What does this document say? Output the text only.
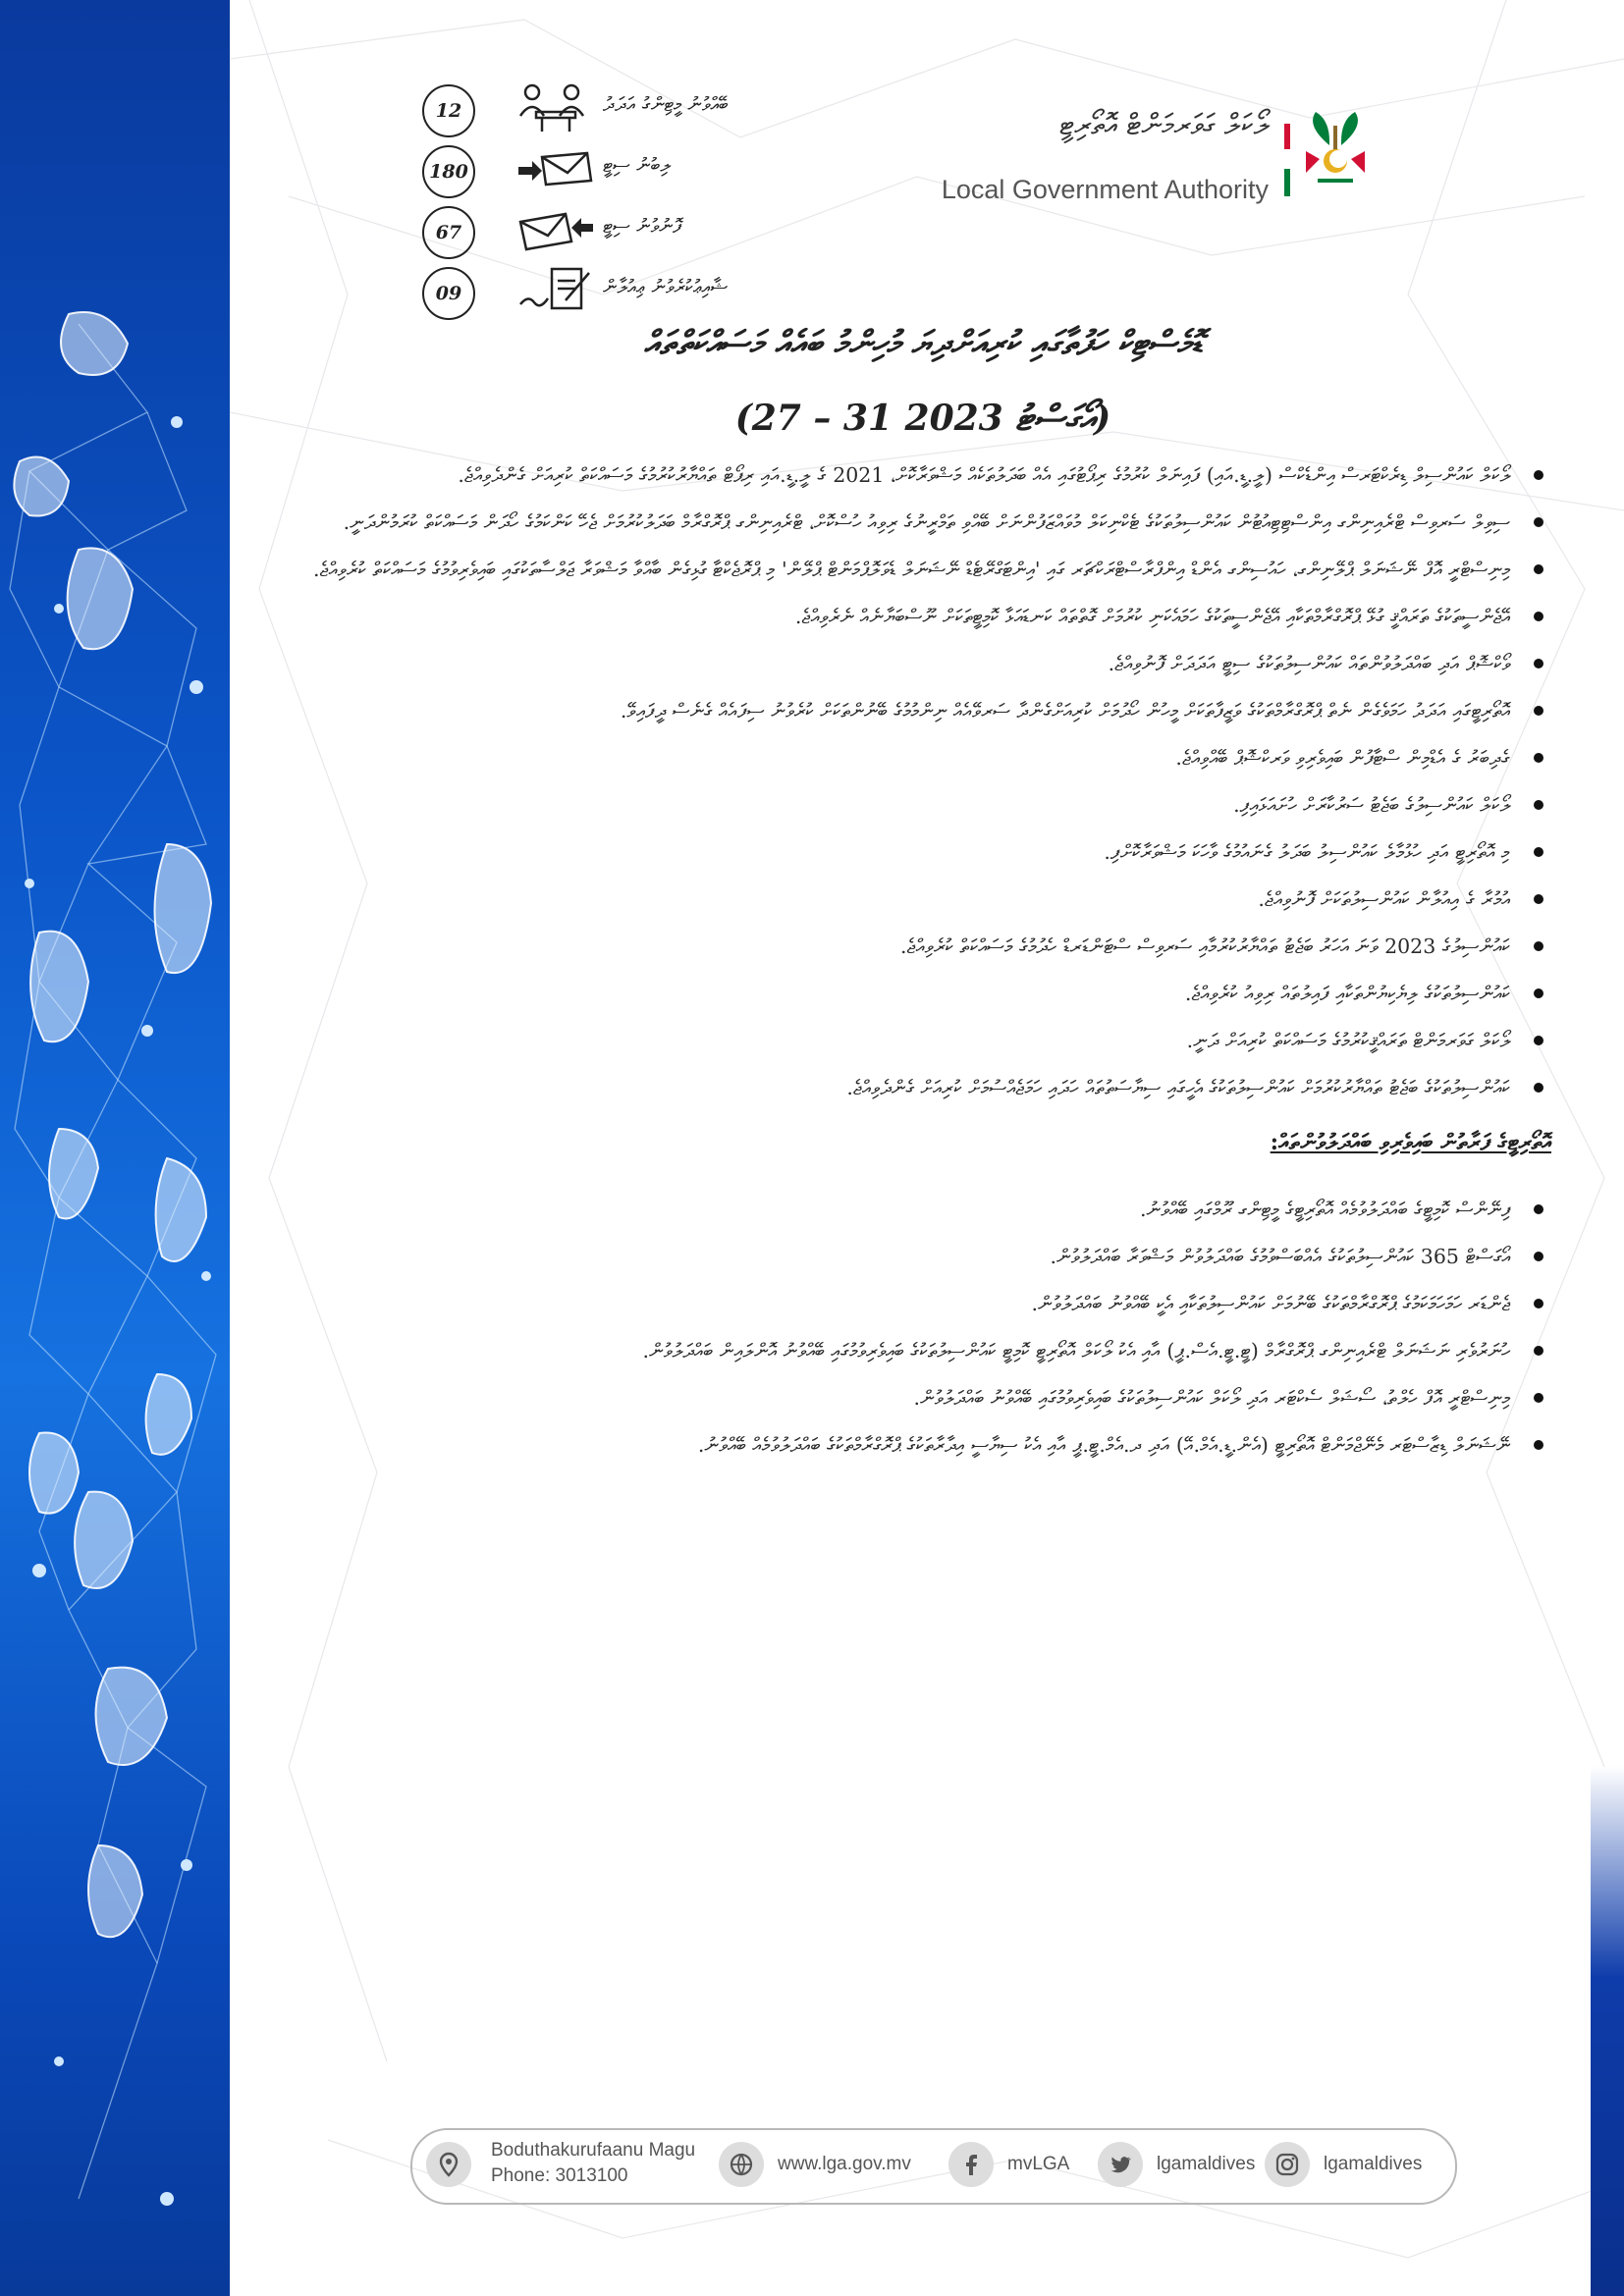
12	ބޭއްވުނު މީޓިންގު އަދަދު
180	ލިބުނު ސިޓީ
67	ފޮނުވުނު ސިޓީ
09	ޝާއިޢުކުރެވުނު ޢިއުލާން
ލޯކަލް ގަވަރމަންޓް އޮތޯރިޓީ
Local Government Authority
ޑޮމެސްޓިކް ހަފުތާގައި ކުރިއަށްދިޔަ މުހިންމު ބައެއް މަސައްކަތްތައް
(27 – 31 އޯގަސްޓު 2023)
ލޯކަލް ކައުންސިލް ޑިރެކްޓަރސް އިންޑެކްސް (ލީ.ޑީ.އައި) ފައިނަލް ކުރުމުގެ ރިޕޯޓުގައި އެއް ބަދަލުތަކެއް މަޝްވަރާކޮށް، 2021 ގެ ލީ.ޑީ.އައި ރިޕޯޓް ތައްޔާރުކުރުމުގެ މަސައްކަތް ކުރިއަށް ގެންދެވިއްޖެ.
ސިވިލް ސަރވިސް ޓްރެއިނިންގ އިންސްޓިޓިއުޓުން ކައުންސިލުތަކުގެ ޓެކްނިކަލް މުވައްޒަފުންނަށް ބޭއްވި ތަމްރީނުގެ ރިވިއު ހުސްކޮށް، ޓްރެއިނިންގ ޕްރޮގްރާމް ބަދަލުކުރުމަށް ޖެހޭ ކަންކަމުގެ ހޯދަން މަސައްކަތް ކުރަމުންދަނީ.
މިނިސްޓްރީ އޮފް ނޭޝަނަލް ޕްލޭނިންގ، ހައުސިންގ އެންޑް އިންފްރާސްޓްރަކްޗަރ ގައި 'އިންޓަގްރޭޓެޑް ނޭޝަނަލް ޑެވަލޮޕްމަންޓް ޕްލޭން' މި ޕްރޮޖެކްޓާ ގުޅިގެން ބާއްވާ މަޝްވަރާ ޖަލްސާތަކުގައި ބައިވެރިވުމުގެ މަސައްކަތް ކުރެވިއްޖެ.
އޭޖެންސީތަކުގެ ތަރައްޤީ ގުޅޭ ޕްރޮގްރާމްތަކާއި އޭޖެންސީތަކުގެ ހަމައެކަނި ކުރުމަށް ގޮތްތައް ކަނޑައަޅާ ކޮމިޓީތަކަށް ނޫސްބަޔާނެއް ނެރެވިއްޖެ.
ވޯކްޝޮޕް އަދި ބައްދަލުވުންތައް ކައުންސިލުތަކުގެ ސިޓީ އަދަދަށް ފޮނުވިއްޖެ.
އޮތޯރިޓީގައި އަދަދު ހަމަވެގެން ނެތް ޕްރޮގްރާމްތަކުގެ ވަޒީފާތަކަށް މީހުން ހޯދުމަށް ކުރިއަށްގެންދާ ސަރވޭއެއް ނިންމުމުގެ ބޭނުންތަކަށް ކުރެވުނު ސިފައެއް ގެނެސް ދީފައިވޭ.
ގެދިބަރު ގެ އެޑްމިން ސްޓާފުން ބައިވެރިވި ވަރކްޝޮޕް ބޭއްވިއްޖެ.
ލޯކަލް ކައުންސިލުގެ ބަޖެޓު ސަރުކާރަށް ހުށައަޅައިފި.
މި އޮތޯރިޓީ އަދި ހުޅުމާލެ ކައުންސިލު ބަދަލު ގެނައުމުގެ ވާހަކަ މަޝްވަރާކޮށްފި.
އުމުރާ ގެ އިއުލާން ކައުންސިލުތަކަށް ފޮނުވިއްޖެ.
ކައުންސިލުގެ 2023 ވަނަ އަހަރު ބަޖެޓު ތައްޔާރުކުރުމާއި ސަރވިސް ސްޓަންޑަރޑް ހެދުމުގެ މަސައްކަތް ކުރެވިއްޖެ.
ކައުންސިލުތަކުގެ ލިޔެކިޔުންތަކާއި ފައިލުތައް ރިވިއު ކުރެވިއްޖެ.
ލޯކަލް ގަވަރމަންޓް ތަރައްޤީކުރުމުގެ މަސައްކަތް ކުރިއަށް ދަނީ.
ކައުންސިލުތަކުގެ ބަޖެޓު ތައްޔާރުކުރުމަށް ކައުންސިލުތަކުގެ އެހީގައި ސިޔާސަތުތައް ހަދައި ހަމަޖެއްސުމަށް ކުރިއަށް ގެންދެވިއްޖެ.
އޮތޯރިޓީގެ ފަރާތުން ބައިވެރިވި ބައްދަލުވުންތައް:
ފިނޭންސް ކޮމިޓީގެ ބައްދަލުވުމެއް އޮތޯރިޓީގެ މީޓިންގ ރޫމްގައި ބޭއްވުނު.
އޯގަސްޓް 365 ކައުންސިލުތަކުގެ އެއްބަސްވުމުގެ ބައްދަލުވުން މަޝްވަރާ ބައްދަލުވުން.
ޖެންޑަރ ހަމަހަމަކަމުގެ ޕްރޮގްރާމްތަކުގެ ބޭނުމަށް ކައުންސިލުތަކާއި އެކީ ބޭއްވުނު ބައްދަލުވުން.
ހުނަރުވެރި ނަޝަނަލް ޓްރެއިނިންގ ޕްރޮގްރާމް (ޓީ.ޓީ.އެސް.ޕީ) އާއި އެކު ލޯކަލް އޮތޯރިޓީ ކޮމިޓީ ކައުންސިލުތަކުގެ ބައިވެރިވުމުގައި ބޭއްވުނު އޮންލައިން ބައްދަލުވުން.
މިނިސްޓްރީ އޮފް ހެލްތު، ސޯޝަލް ސެކްޓަރ އަދި ލޯކަލް ކައުންސިލުތަކުގެ ބައިވެރިވުމުގައި ބޭއްވުނު ބައްދަލުވުން.
ނޭޝަނަލް ޑިޒާސްޓަރ މެނޭޖްމަންޓް އޮތޯރިޓީ (އެން.ޑީ.އެމް.އޭ) އަދި ދ.އެމް.ޓީ.ޕީ އާއި އެކު ސިޔާސީ އިދާރާތަކުގެ ޕްރޮގްރާމްތަކުގެ ބައްދަލުވުމެއް ބޭއްވުނު.
Boduthakurufaanu Magu
Phone: 3013100
www.lga.gov.mv	mvLGA	lgamaldives	lgamaldives
